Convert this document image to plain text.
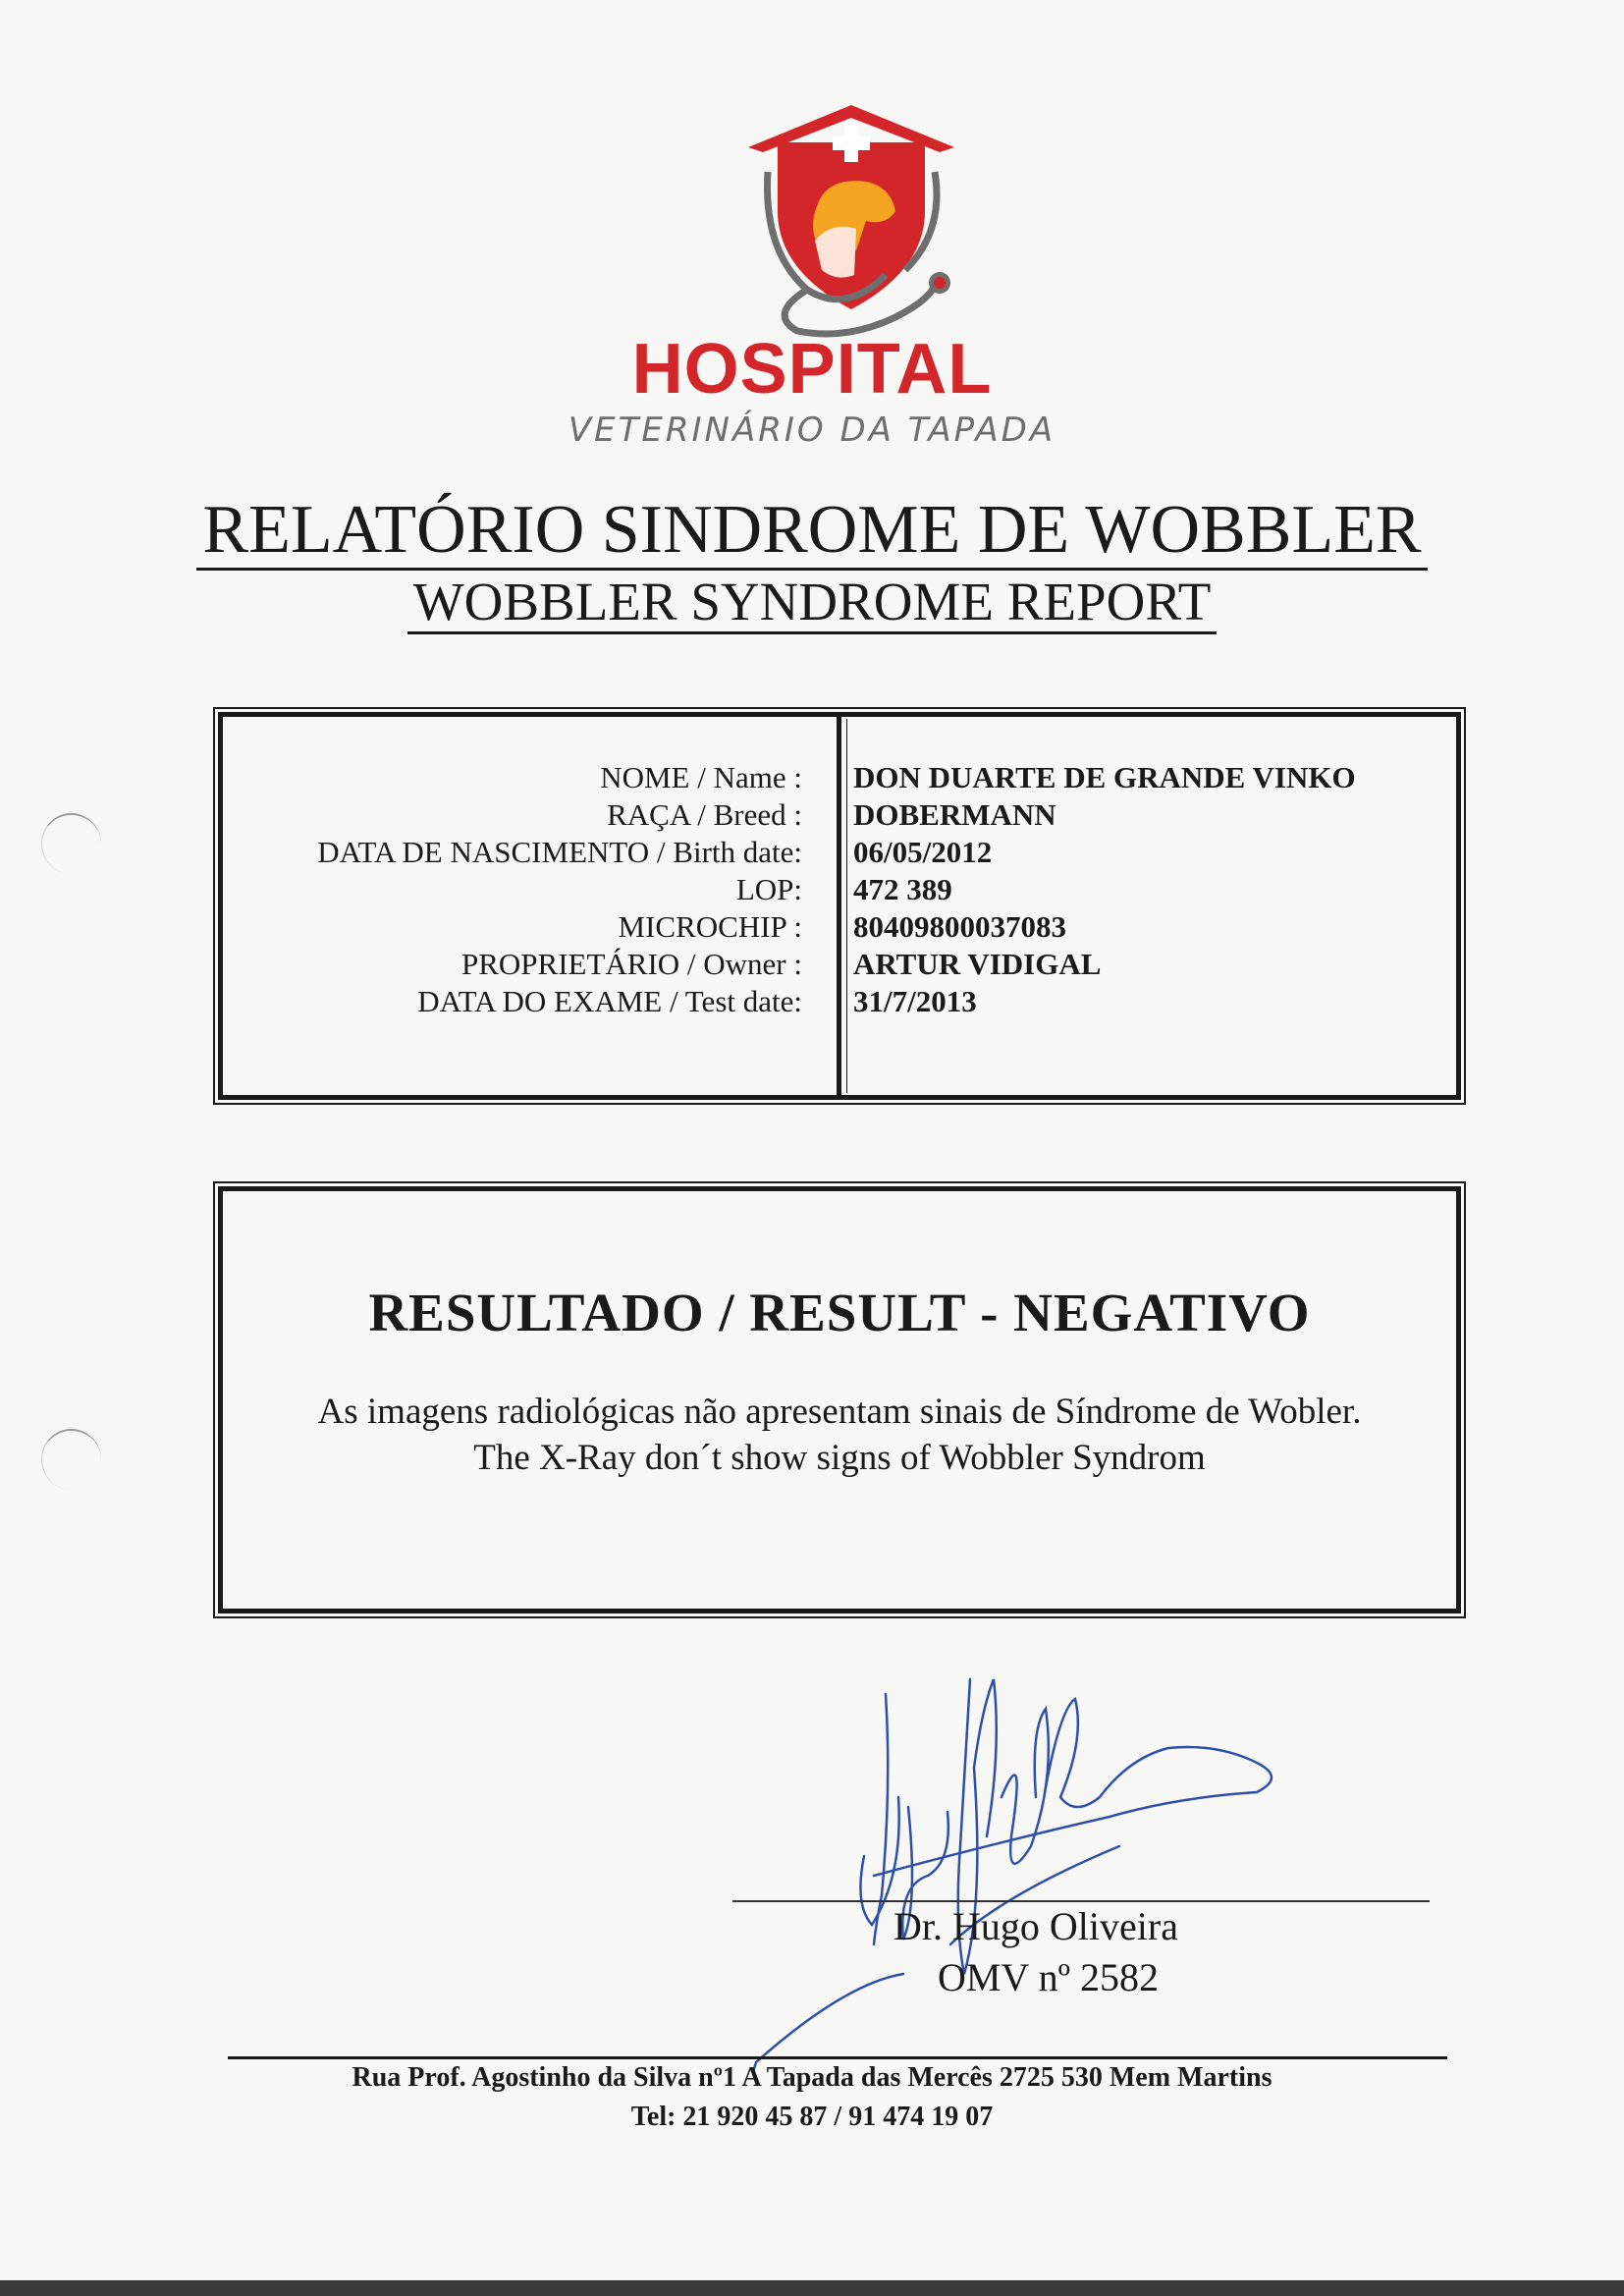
HOSPITAL
VETERINÁRIO DA TAPADA
RELATÓRIO SINDROME DE WOBBLER
WOBBLER SYNDROME REPORT
NOME / Name :
RAÇA / Breed :
DATA DE NASCIMENTO / Birth date:
LOP:
MICROCHIP :
PROPRIETÁRIO / Owner :
DATA DO EXAME / Test date:
DON DUARTE DE GRANDE VINKO
DOBERMANN
06/05/2012
472 389
80409800037083
ARTUR VIDIGAL
31/7/2013
RESULTADO / RESULT - NEGATIVO
As imagens radiológicas não apresentam sinais de Síndrome de Wobler.
The X-Ray don´t show signs of Wobbler Syndrom
Dr. Hugo Oliveira
OMV nº 2582
Rua Prof. Agostinho da Silva nº1 A Tapada das Mercês 2725 530 Mem Martins
Tel: 21 920 45 87 / 91 474 19 07
